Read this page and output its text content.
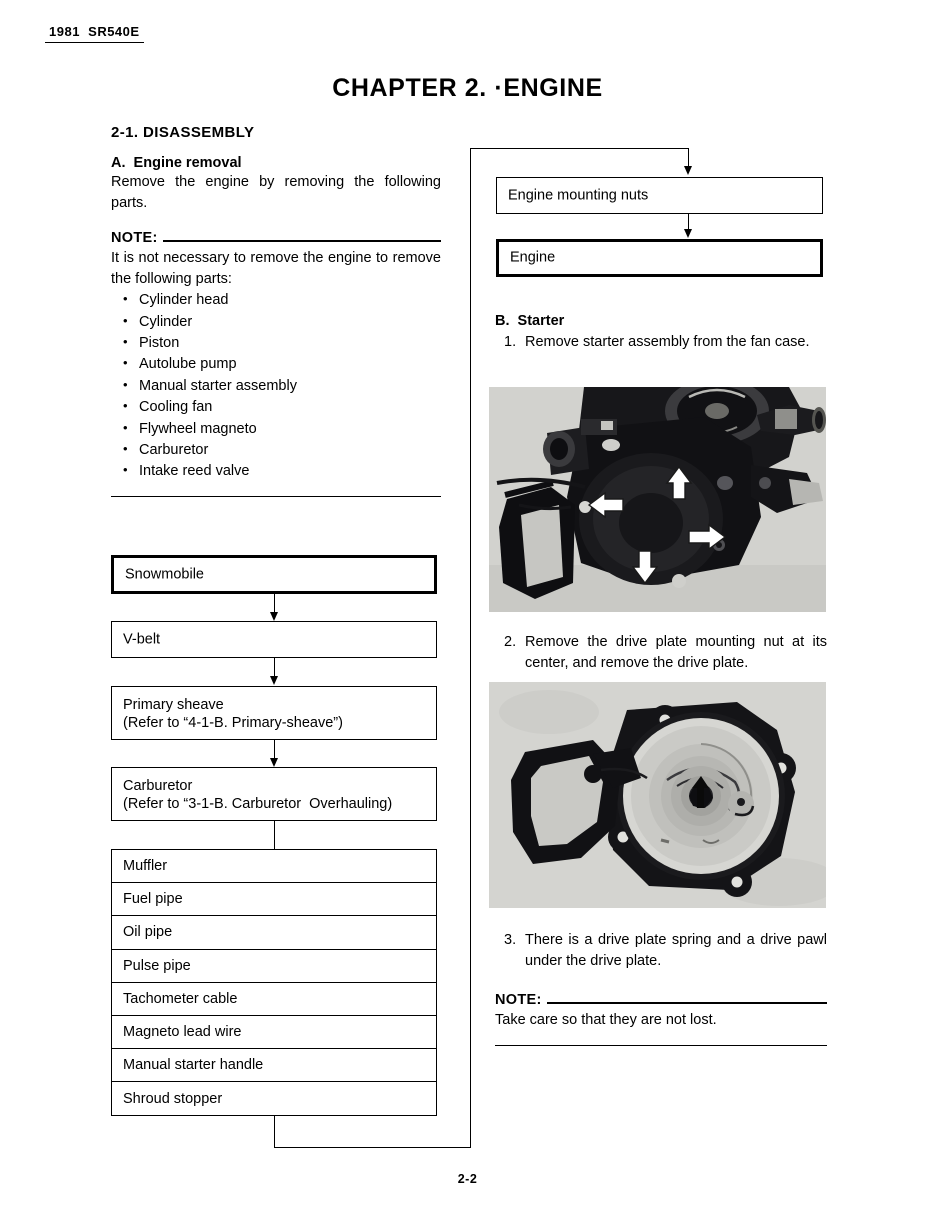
1981  SR540E
CHAPTER 2. ·ENGINE
2-1. DISASSEMBLY
A.  Engine removal

Remove the engine by removing the following parts.

NOTE:

It is not necessary to remove the engine to remove the following parts:

• Cylinder head
• Cylinder
• Piston
• Autolube pump
• Manual starter assembly
• Cooling fan
• Flywheel magneto
• Carburetor
• Intake reed valve
Snowmobile
V-belt
Primary sheave
(Refer to “4-1-B. Primary-sheave”)
Carburetor
(Refer to “3-1-B. Carburetor  Overhauling)
Muffler
Fuel pipe
Oil pipe
Pulse pipe
Tachometer cable
Magneto lead wire
Manual starter handle
Shroud stopper
Engine mounting nuts
Engine
B.  Starter
1. Remove starter assembly from the fan case.
2. Remove the drive plate mounting nut at its center, and remove the drive plate.
3. There is a drive plate spring and a drive pawl under the drive plate.
NOTE:

Take care so that they are not lost.

2-2
